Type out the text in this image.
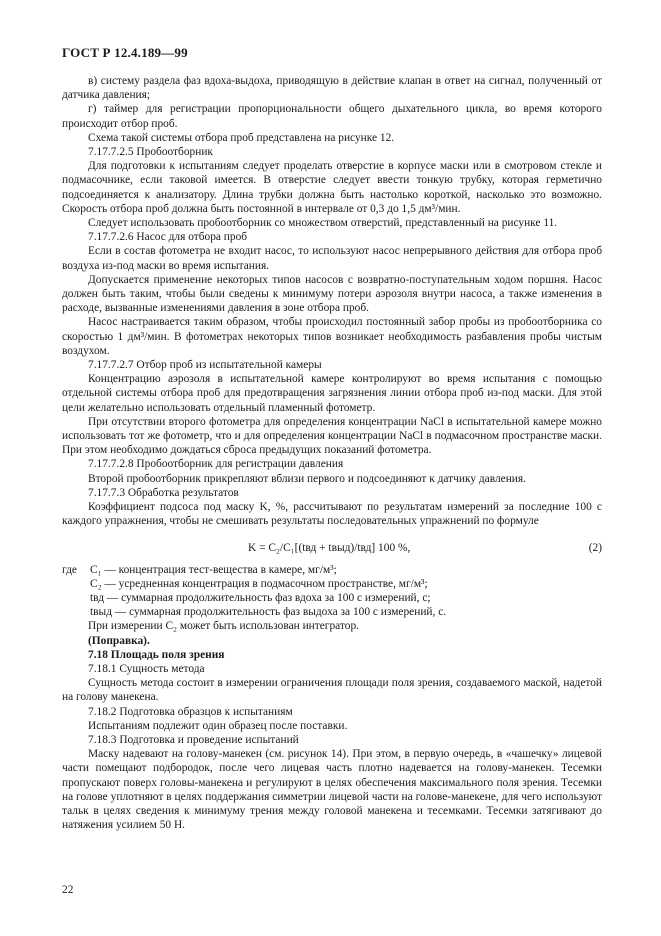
ГОСТ Р 12.4.189—99

в) систему раздела фаз вдоха-выдоха, приводящую в действие клапан в ответ на сигнал, полученный от датчика давления;

г) таймер для регистрации пропорциональности общего дыхательного цикла, во время которого происходит отбор проб.

Схема такой системы отбора проб представлена на рисунке 12.

7.17.7.2.5 Пробоотборник

Для подготовки к испытаниям следует проделать отверстие в корпусе маски или в смотровом стекле и подмасочнике, если таковой имеется. В отверстие следует ввести тонкую трубку, которая герметично подсоединяется к анализатору. Длина трубки должна быть настолько короткой, насколько это возможно. Скорость отбора проб должна быть постоянной в интервале от 0,3 до 1,5 дм³/мин.

Следует использовать пробоотборник со множеством отверстий, представленный на рисунке 11.

7.17.7.2.6 Насос для отбора проб

Если в состав фотометра не входит насос, то используют насос непрерывного действия для отбора проб воздуха из-под маски во время испытания.

Допускается применение некоторых типов насосов с возвратно-поступательным ходом поршня. Насос должен быть таким, чтобы были сведены к минимуму потери аэрозоля внутри насоса, а также изменения в расходе, вызванные изменениями давления в зоне отбора проб.

Насос настраивается таким образом, чтобы происходил постоянный забор пробы из пробоотборника со скоростью 1 дм³/мин. В фотометрах некоторых типов возникает необходимость разбавления пробы чистым воздухом.

7.17.7.2.7 Отбор проб из испытательной камеры

Концентрацию аэрозоля в испытательной камере контролируют во время испытания с помощью отдельной системы отбора проб для предотвращения загрязнения линии отбора проб из-под маски. Для этой цели желательно использовать отдельный пламенный фотометр.

При отсутствии второго фотометра для определения концентрации NaCl в испытательной камере можно использовать тот же фотометр, что и для определения концентрации NaCl в подмасочном пространстве маски. При этом необходимо дождаться сброса предыдущих показаний фотометра.

7.17.7.2.8 Пробоотборник для регистрации давления

Второй пробоотборник прикрепляют вблизи первого и подсоединяют к датчику давления.

7.17.7.3 Обработка результатов

Коэффициент подсоса под маску K, %, рассчитывают по результатам измерений за последние 100 с каждого упражнения, чтобы не смешивать результаты последовательных упражнений по формуле

K = C₂/C₁[(tвд + tвыд)/tвд] 100 %,	(2)
где	C₁ — концентрация тест-вещества в камере, мг/м³;
C₂ — усредненная концентрация в подмасочном пространстве, мг/м³;
tвд — суммарная продолжительность фаз вдоха за 100 с измерений, с;
tвыд — суммарная продолжительность фаз выдоха за 100 с измерений, с.

При измерении C₂ может быть использован интегратор.

(Поправка).

7.18 Площадь поля зрения

7.18.1 Сущность метода

Сущность метода состоит в измерении ограничения площади поля зрения, создаваемого маской, надетой на голову манекена.

7.18.2 Подготовка образцов к испытаниям

Испытаниям подлежит один образец после поставки.

7.18.3 Подготовка и проведение испытаний

Маску надевают на голову-манекен (см. рисунок 14). При этом, в первую очередь, в «чашечку» лицевой части помещают подбородок, после чего лицевая часть плотно надевается на голову-манекен. Тесемки пропускают поверх головы-манекена и регулируют в целях обеспечения максимального поля зрения. Тесемки на голове уплотняют в целях поддержания симметрии лицевой части на голове-манекене, для чего используют тальк в целях сведения к минимуму трения между головой манекена и тесемками. Тесемки затягивают до натяжения усилием 50 Н.

22
